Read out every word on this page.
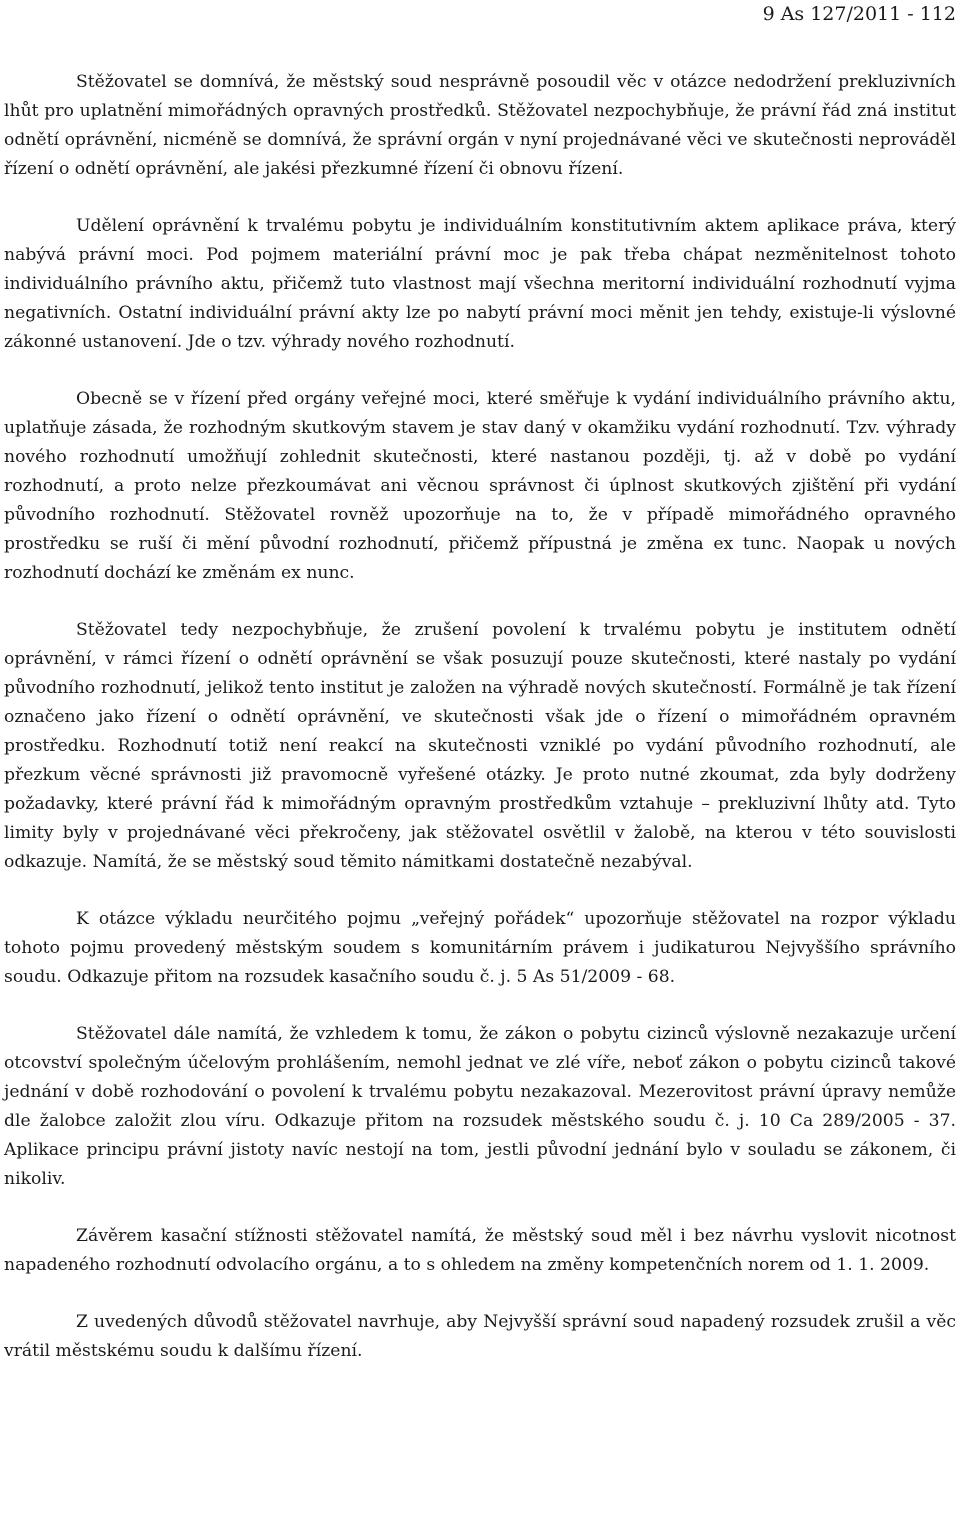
9 As 127/2011 - 112

Stěžovatel se domnívá, že městský soud nesprávně posoudil věc v otázce nedodržení prekluzivních lhůt pro uplatnění mimořádných opravných prostředků. Stěžovatel nezpochybňuje, že právní řád zná institut odnětí oprávnění, nicméně se domnívá, že správní orgán v nyní projednávané věci ve skutečnosti neprováděl řízení o odnětí oprávnění, ale jakési přezkumné řízení či obnovu řízení.

Udělení oprávnění k trvalému pobytu je individuálním konstitutivním aktem aplikace práva, který nabývá právní moci. Pod pojmem materiální právní moc je pak třeba chápat nezměnitelnost tohoto individuálního právního aktu, přičemž tuto vlastnost mají všechna meritorní individuální rozhodnutí vyjma negativních. Ostatní individuální právní akty lze po nabytí právní moci měnit jen tehdy, existuje-li výslovné zákonné ustanovení. Jde o tzv. výhrady nového rozhodnutí.

Obecně se v řízení před orgány veřejné moci, které směřuje k vydání individuálního právního aktu, uplatňuje zásada, že rozhodným skutkovým stavem je stav daný v okamžiku vydání rozhodnutí. Tzv. výhrady nového rozhodnutí umožňují zohlednit skutečnosti, které nastanou později, tj. až v době po vydání rozhodnutí, a proto nelze přezkoumávat ani věcnou správnost či úplnost skutkových zjištění při vydání původního rozhodnutí. Stěžovatel rovněž upozorňuje na to, že v případě mimořádného opravného prostředku se ruší či mění původní rozhodnutí, přičemž přípustná je změna ex tunc. Naopak u nových rozhodnutí dochází ke změnám ex nunc.

Stěžovatel tedy nezpochybňuje, že zrušení povolení k trvalému pobytu je institutem odnětí oprávnění, v rámci řízení o odnětí oprávnění se však posuzují pouze skutečnosti, které nastaly po vydání původního rozhodnutí, jelikož tento institut je založen na výhradě nových skutečností. Formálně je tak řízení označeno jako řízení o odnětí oprávnění, ve skutečnosti však jde o řízení o mimořádném opravném prostředku. Rozhodnutí totiž není reakcí na skutečnosti vzniklé po vydání původního rozhodnutí, ale přezkum věcné správnosti již pravomocně vyřešené otázky. Je proto nutné zkoumat, zda byly dodrženy požadavky, které právní řád k mimořádným opravným prostředkům vztahuje – prekluzivní lhůty atd. Tyto limity byly v projednávané věci překročeny, jak stěžovatel osvětlil v žalobě, na kterou v této souvislosti odkazuje. Namítá, že se městský soud těmito námitkami dostatečně nezabýval.

K otázce výkladu neurčitého pojmu „veřejný pořádek“ upozorňuje stěžovatel na rozpor výkladu tohoto pojmu provedený městským soudem s komunitárním právem i judikaturou Nejvyššího správního soudu. Odkazuje přitom na rozsudek kasačního soudu č. j. 5 As 51/2009 - 68.

Stěžovatel dále namítá, že vzhledem k tomu, že zákon o pobytu cizinců výslovně nezakazuje určení otcovství společným účelovým prohlášením, nemohl jednat ve zlé víře, neboť zákon o pobytu cizinců takové jednání v době rozhodování o povolení k trvalému pobytu nezakazoval. Mezerovitost právní úpravy nemůže dle žalobce založit zlou víru. Odkazuje přitom na rozsudek městského soudu č. j. 10 Ca 289/2005 - 37. Aplikace principu právní jistoty navíc nestojí na tom, jestli původní jednání bylo v souladu se zákonem, či nikoliv.

Závěrem kasační stížnosti stěžovatel namítá, že městský soud měl i bez návrhu vyslovit nicotnost napadeného rozhodnutí odvolacího orgánu, a to s ohledem na změny kompetenčních norem od 1. 1. 2009.

Z uvedených důvodů stěžovatel navrhuje, aby Nejvyšší správní soud napadený rozsudek zrušil a věc vrátil městskému soudu k dalšímu řízení.
